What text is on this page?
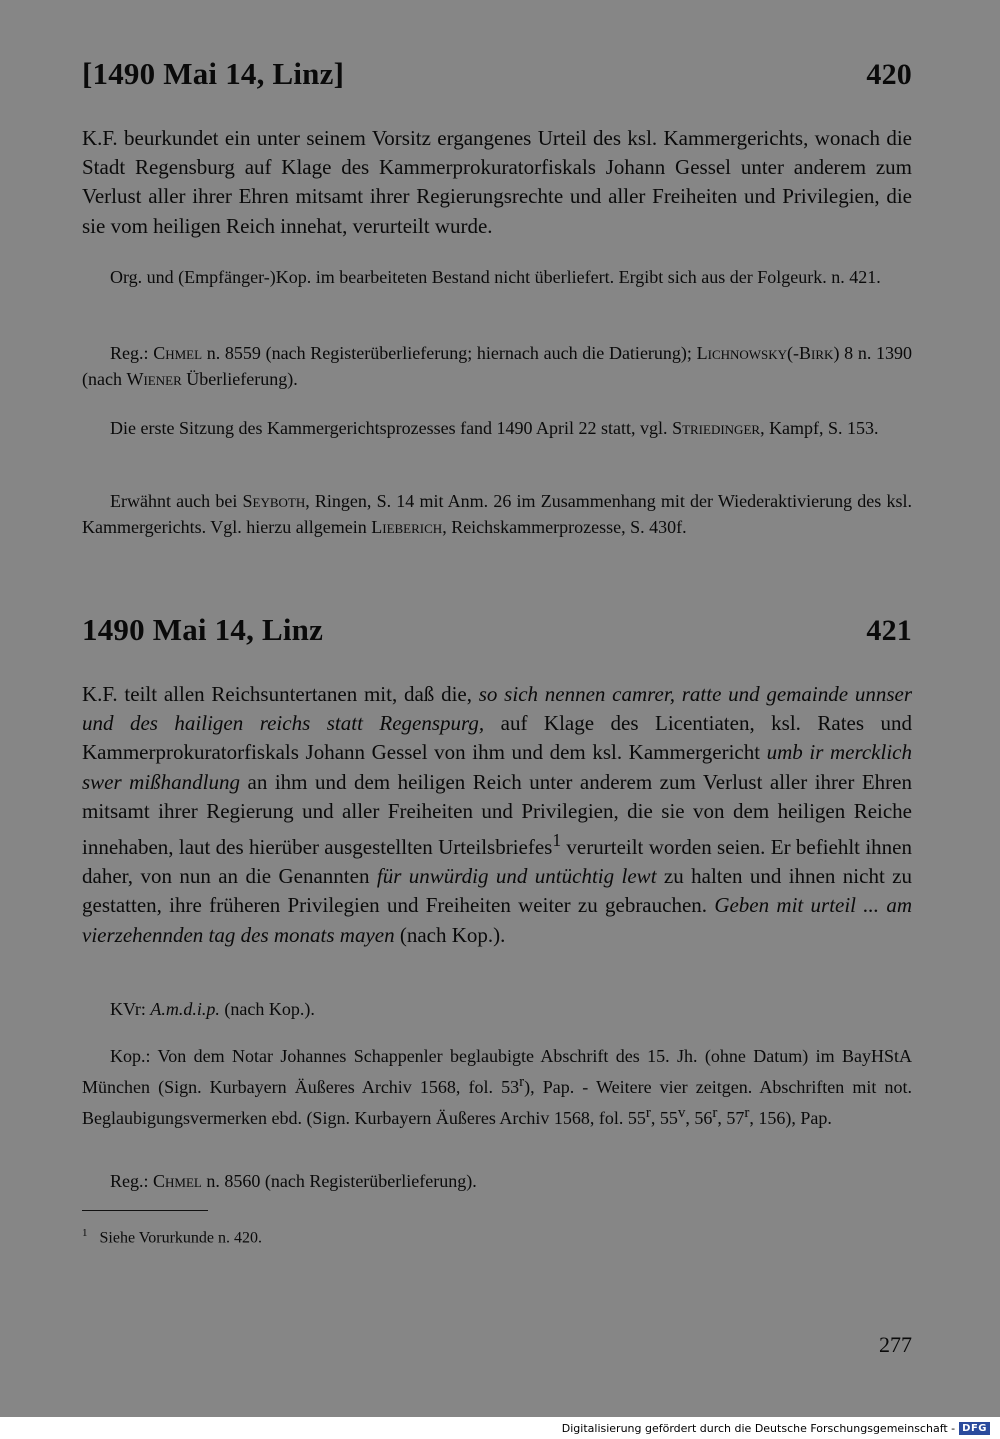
[1490 Mai 14, Linz]	420
K.F. beurkundet ein unter seinem Vorsitz ergangenes Urteil des ksl. Kammergerichts, wonach die Stadt Regensburg auf Klage des Kammerprokuratorfiskals Johann Gessel unter anderem zum Verlust aller ihrer Ehren mitsamt ihrer Regierungsrechte und aller Freiheiten und Privilegien, die sie vom heiligen Reich innehat, verurteilt wurde.
Org. und (Empfänger-)Kop. im bearbeiteten Bestand nicht überliefert. Ergibt sich aus der Folgeurk. n. 421.
Reg.: Chmel n. 8559 (nach Registerüberlieferung; hiernach auch die Datierung); Lichnowsky(-Birk) 8 n. 1390 (nach Wiener Überlieferung).
Die erste Sitzung des Kammergerichtsprozesses fand 1490 April 22 statt, vgl. Striedinger, Kampf, S. 153.
Erwähnt auch bei Seyboth, Ringen, S. 14 mit Anm. 26 im Zusammenhang mit der Wiederaktivierung des ksl. Kammergerichts. Vgl. hierzu allgemein Lieberich, Reichskammerprozesse, S. 430f.
1490 Mai 14, Linz	421
K.F. teilt allen Reichsuntertanen mit, daß die, so sich nennen camrer, ratte und gemainde unnser und des hailigen reichs statt Regenspurg, auf Klage des Licentiaten, ksl. Rates und Kammerprokuratorfiskals Johann Gessel von ihm und dem ksl. Kammergericht umb ir mercklich swer mißhandlung an ihm und dem heiligen Reich unter anderem zum Verlust aller ihrer Ehren mitsamt ihrer Regierung und aller Freiheiten und Privilegien, die sie von dem heiligen Reiche innehaben, laut des hierüber ausgestellten Urteilsbriefes$^1$ verurteilt worden seien. Er befiehlt ihnen daher, von nun an die Genannten für unwürdig und untüchtig lewt zu halten und ihnen nicht zu gestatten, ihre früheren Privilegien und Freiheiten weiter zu gebrauchen. Geben mit urteil ... am vierzehennden tag des monats mayen (nach Kop.).
KVr: A.m.d.i.p. (nach Kop.).
Kop.: Von dem Notar Johannes Schappenler beglaubigte Abschrift des 15. Jh. (ohne Datum) im BayHStA München (Sign. Kurbayern Äußeres Archiv 1568, fol. 53$^r$), Pap. - Weitere vier zeitgen. Abschriften mit not. Beglaubigungsvermerken ebd. (Sign. Kurbayern Äußeres Archiv 1568, fol. 55$^r$, 55$^v$, 56$^r$, 57$^r$, 156), Pap.
Reg.: Chmel n. 8560 (nach Registerüberlieferung).
$^1$ Siehe Vorurkunde n. 420.
277
Digitalisierung gefördert durch die Deutsche Forschungsgemeinschaft - DFG
